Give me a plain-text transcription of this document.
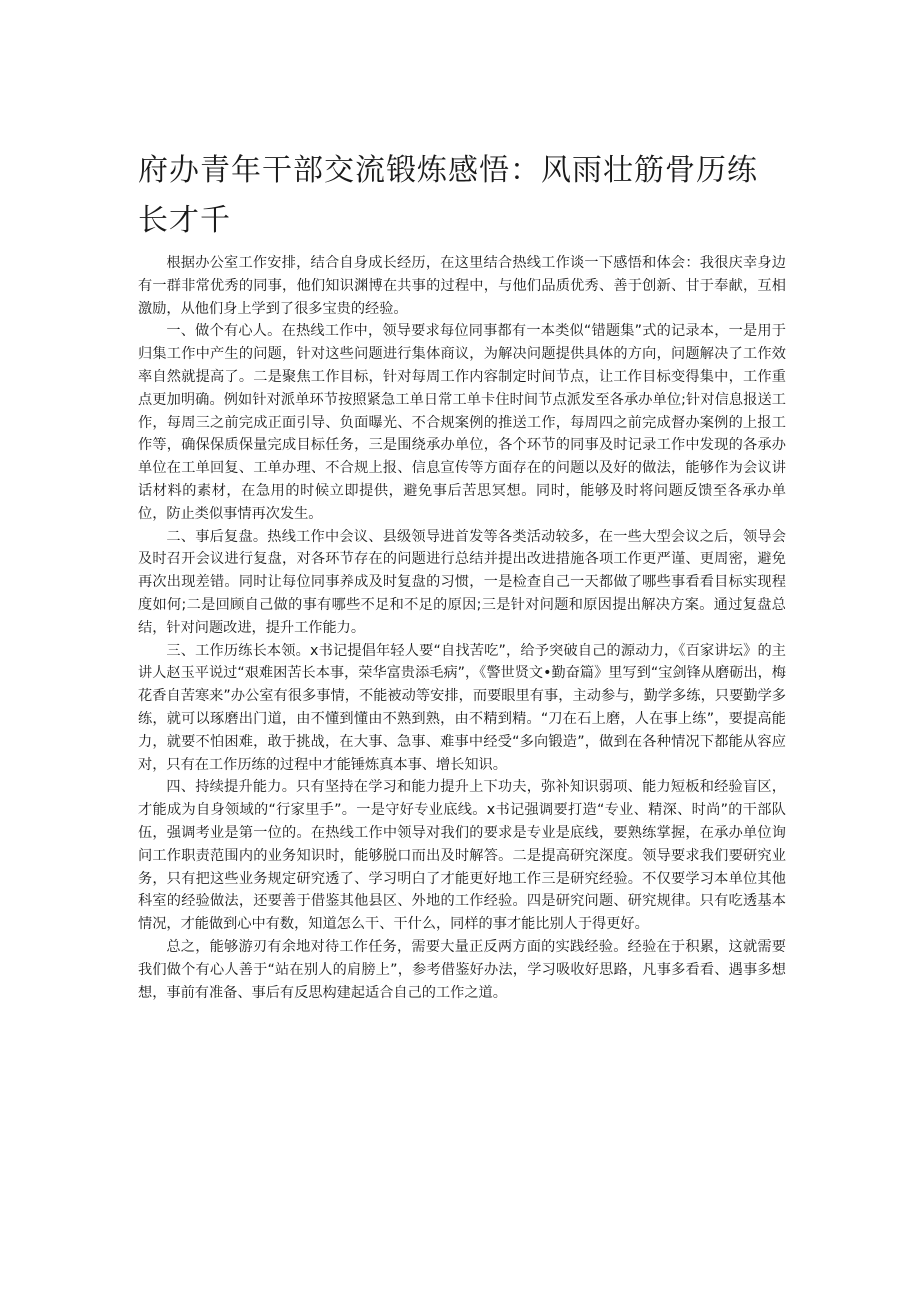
府办青年干部交流锻炼感悟：风雨壮筋骨历练长才千

根据办公室工作安排，结合自身成长经历，在这里结合热线工作谈一下感悟和体会：我很庆幸身边有一群非常优秀的同事，他们知识渊博在共事的过程中，与他们品质优秀、善于创新、甘于奉献，互相激励，从他们身上学到了很多宝贵的经验。

一、做个有心人。在热线工作中，领导要求每位同事都有一本类似“错题集”式的记录本，一是用于归集工作中产生的问题，针对这些问题进行集体商议，为解决问题提供具体的方向，问题解决了工作效率自然就提高了。二是聚焦工作目标，针对每周工作内容制定时间节点，让工作目标变得集中，工作重点更加明确。例如针对派单环节按照紧急工单日常工单卡住时间节点派发至各承办单位;针对信息报送工作，每周三之前完成正面引导、负面曝光、不合规案例的推送工作，每周四之前完成督办案例的上报工作等，确保保质保量完成目标任务，三是围绕承办单位，各个环节的同事及时记录工作中发现的各承办单位在工单回复、工单办理、不合规上报、信息宣传等方面存在的问题以及好的做法，能够作为会议讲话材料的素材，在急用的时候立即提供，避免事后苦思冥想。同时，能够及时将问题反馈至各承办单位，防止类似事情再次发生。

二、事后复盘。热线工作中会议、县级领导进首发等各类活动较多，在一些大型会议之后，领导会及时召开会议进行复盘，对各环节存在的问题进行总结并提出改进措施各项工作更严谨、更周密，避免再次出现差错。同时让每位同事养成及时复盘的习惯，一是检查自己一天都做了哪些事看看目标实现程度如何;二是回顾自己做的事有哪些不足和不足的原因;三是针对问题和原因提出解决方案。通过复盘总结，针对问题改进，提升工作能力。

三、工作历练长本领。x书记提倡年轻人要“自找苦吃”，给予突破自己的源动力，《百家讲坛》的主讲人赵玉平说过“艰难困苦长本事，荣华富贵添毛病”，《警世贤文•勤奋篇》里写到“宝剑锋从磨砺出，梅花香自苦寒来”办公室有很多事情，不能被动等安排，而要眼里有事，主动参与，勤学多练，只要勤学多练，就可以琢磨出门道，由不懂到懂由不熟到熟，由不精到精。“刀在石上磨，人在事上练”，要提高能力，就要不怕困难，敢于挑战，在大事、急事、难事中经受“多向锻造”，做到在各种情况下都能从容应对，只有在工作历练的过程中才能锤炼真本事、增长知识。

四、持续提升能力。只有坚持在学习和能力提升上下功夫，弥补知识弱项、能力短板和经验盲区，才能成为自身领域的“行家里手”。一是守好专业底线。x书记强调要打造“专业、精深、时尚”的干部队伍，强调考业是第一位的。在热线工作中领导对我们的要求是专业是底线，要熟练掌握，在承办单位询问工作职责范围内的业务知识时，能够脱口而出及时解答。二是提高研究深度。领导要求我们要研究业务，只有把这些业务规定研究透了、学习明白了才能更好地工作三是研究经验。不仅要学习本单位其他科室的经验做法，还要善于借鉴其他县区、外地的工作经验。四是研究问题、研究规律。只有吃透基本情况，才能做到心中有数，知道怎么干、干什么，同样的事才能比别人于得更好。

总之，能够游刃有余地对待工作任务，需要大量正反两方面的实践经验。经验在于积累，这就需要我们做个有心人善于“站在别人的肩膀上”，参考借鉴好办法，学习吸收好思路，凡事多看看、遇事多想想，事前有准备、事后有反思构建起适合自己的工作之道。
